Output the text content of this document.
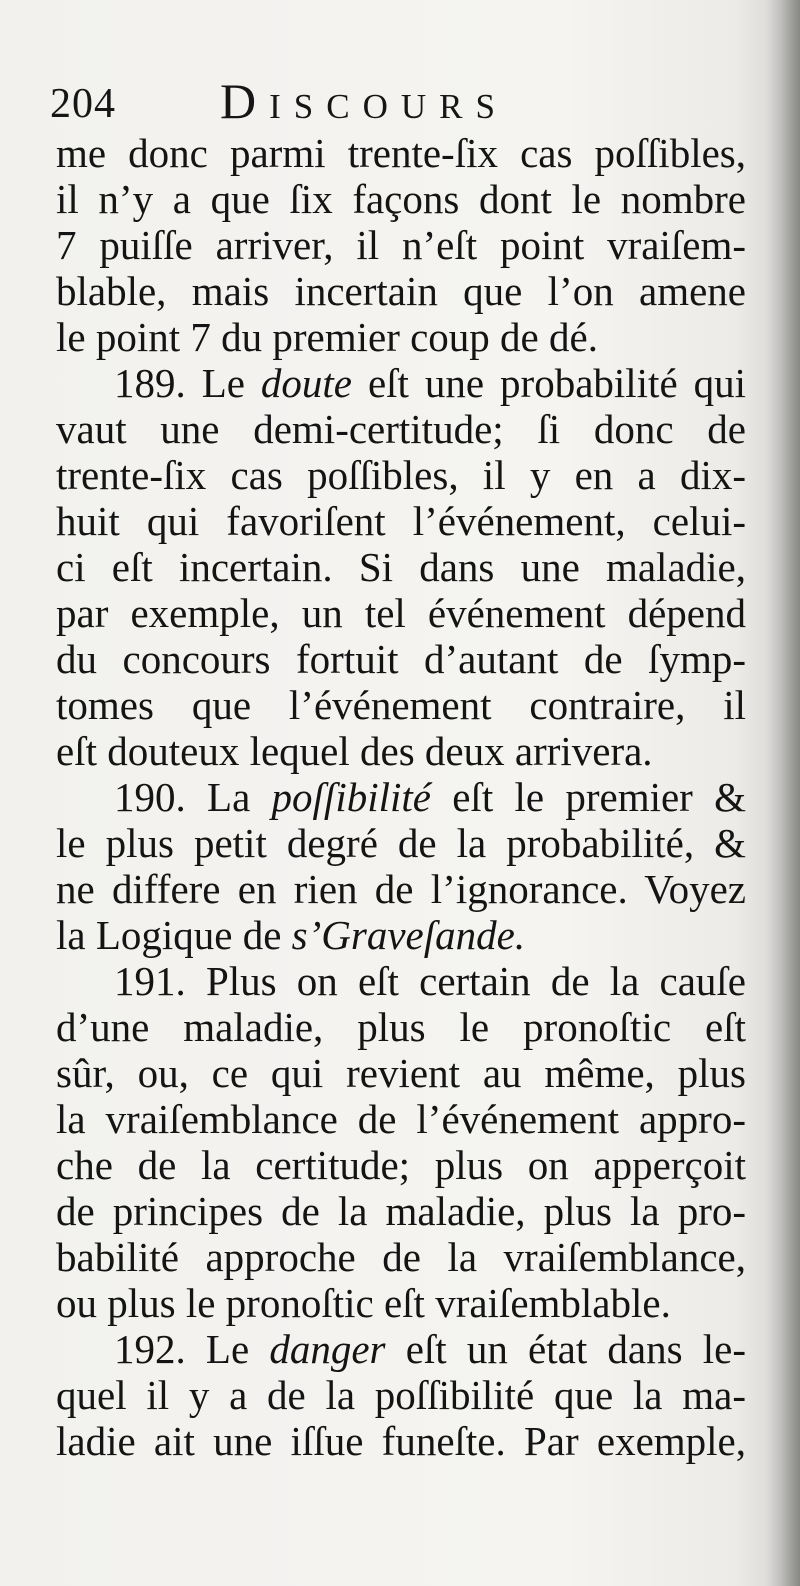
204 Discours
me donc parmi trente-ſix cas poſſibles,
il n’y a que ſix façons dont le nombre
7 puiſſe arriver, il n’eſt point vraiſem-
blable, mais incertain que l’on amene
le point 7 du premier coup de dé.
189. Le doute eſt une probabilité qui
vaut une demi-certitude; ſi donc de
trente-ſix cas poſſibles, il y en a dix-
huit qui favoriſent l’événement, celui-
ci eſt incertain. Si dans une maladie,
par exemple, un tel événement dépend
du concours fortuit d’autant de ſymp-
tomes que l’événement contraire, il
eſt douteux lequel des deux arrivera.
190. La poſſibilité eſt le premier &
le plus petit degré de la probabilité, &
ne differe en rien de l’ignorance. Voyez
la Logique de s’Graveſande.
191. Plus on eſt certain de la cauſe
d’une maladie, plus le pronoſtic eſt
sûr, ou, ce qui revient au même, plus
la vraiſemblance de l’événement appro-
che de la certitude; plus on apperçoit
de principes de la maladie, plus la pro-
babilité approche de la vraiſemblance,
ou plus le pronoſtic eſt vraiſemblable.
192. Le danger eſt un état dans le-
quel il y a de la poſſibilité que la ma-
ladie ait une iſſue funeſte. Par exemple,
